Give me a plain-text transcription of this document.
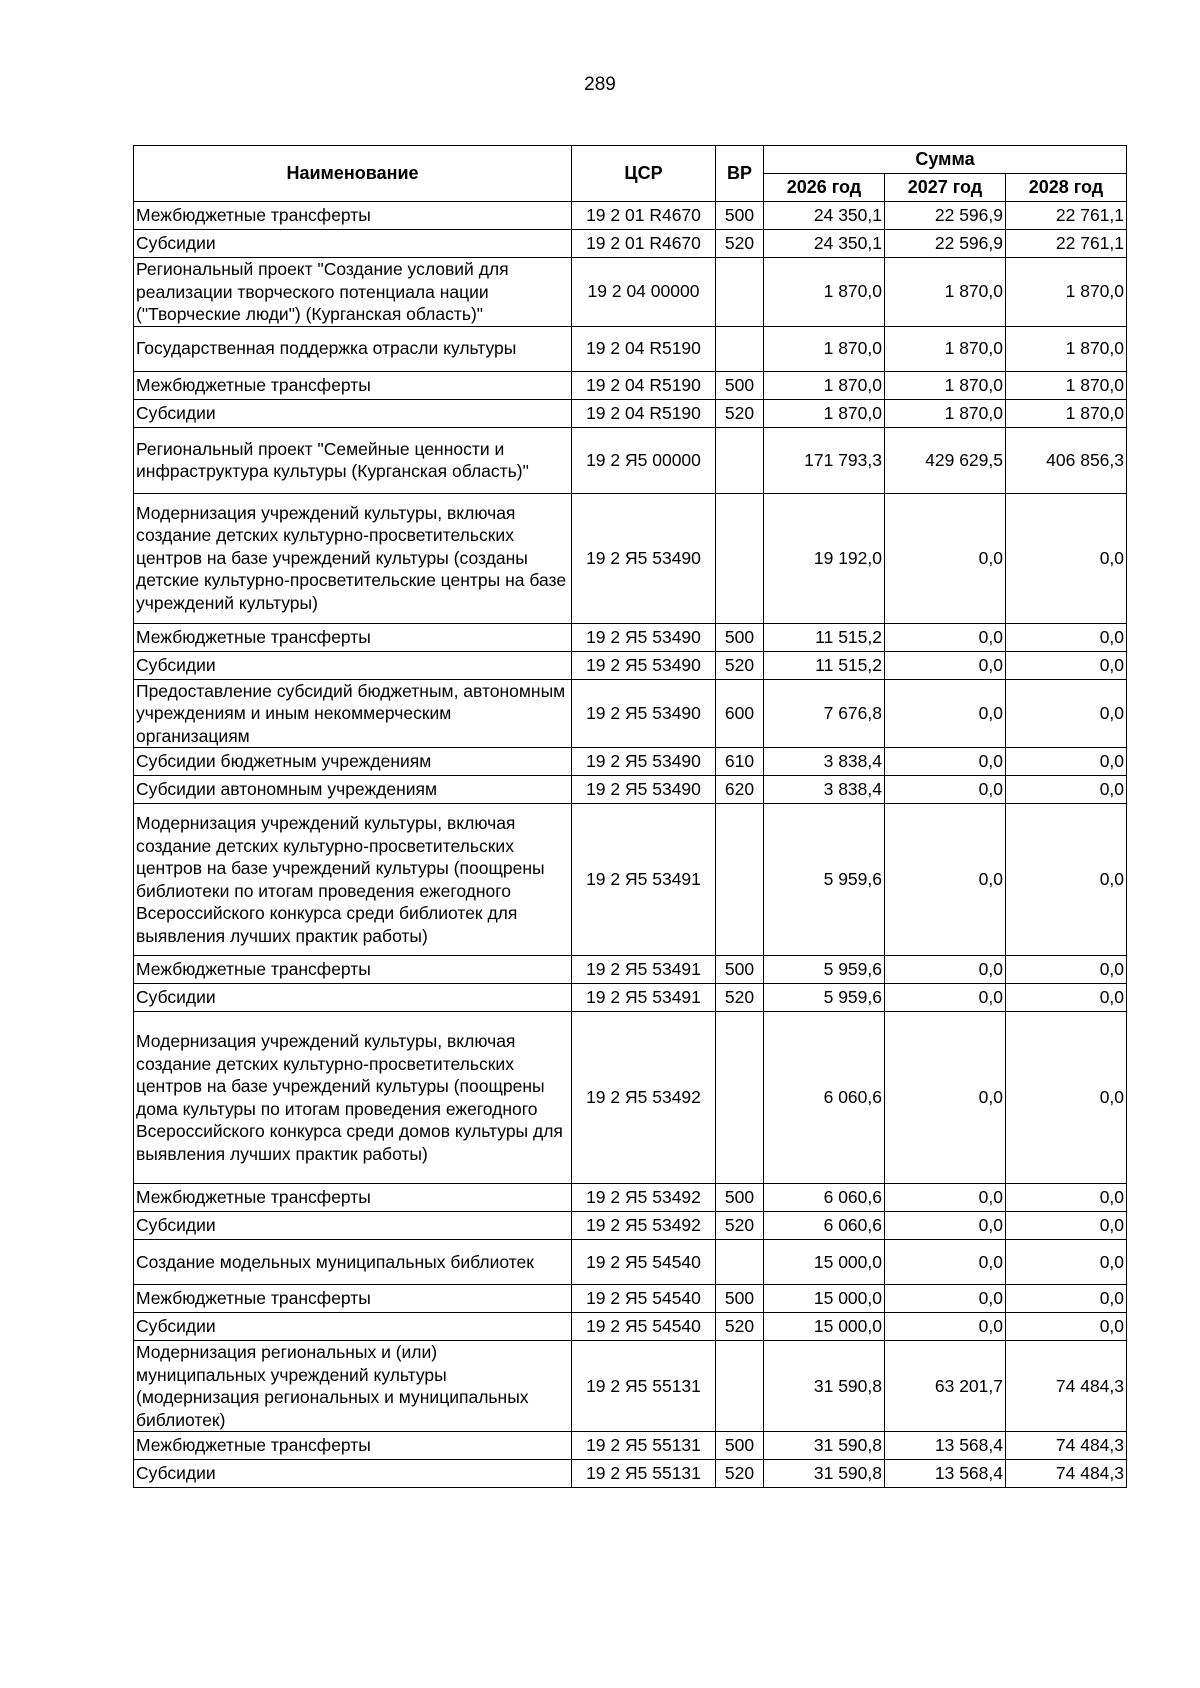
289
Наименование	ЦСР	ВР	Сумма		
			2026 год	2027 год	2028 год
Межбюджетные трансферты	19 2 01 R4670	500	24 350,1	22 596,9	22 761,1
Субсидии	19 2 01 R4670	520	24 350,1	22 596,9	22 761,1
Региональный проект "Создание условий для реализации творческого потенциала нации ("Творческие люди") (Курганская область)"	19 2 04 00000		1 870,0	1 870,0	1 870,0
Государственная поддержка отрасли культуры	19 2 04 R5190		1 870,0	1 870,0	1 870,0
Межбюджетные трансферты	19 2 04 R5190	500	1 870,0	1 870,0	1 870,0
Субсидии	19 2 04 R5190	520	1 870,0	1 870,0	1 870,0
Региональный проект "Семейные ценности и инфраструктура культуры (Курганская область)"	19 2 Я5 00000		171 793,3	429 629,5	406 856,3
Модернизация учреждений культуры, включая создание детских культурно-просветительских центров на базе учреждений культуры (созданы детские культурно-просветительские центры на базе учреждений культуры)	19 2 Я5 53490		19 192,0	0,0	0,0
Межбюджетные трансферты	19 2 Я5 53490	500	11 515,2	0,0	0,0
Субсидии	19 2 Я5 53490	520	11 515,2	0,0	0,0
Предоставление субсидий бюджетным, автономным учреждениям и иным некоммерческим организациям	19 2 Я5 53490	600	7 676,8	0,0	0,0
Субсидии бюджетным учреждениям	19 2 Я5 53490	610	3 838,4	0,0	0,0
Субсидии автономным учреждениям	19 2 Я5 53490	620	3 838,4	0,0	0,0
Модернизация учреждений культуры, включая создание детских культурно-просветительских центров на базе учреждений культуры (поощрены библиотеки по итогам проведения ежегодного Всероссийского конкурса среди библиотек для выявления лучших практик работы)	19 2 Я5 53491		5 959,6	0,0	0,0
Межбюджетные трансферты	19 2 Я5 53491	500	5 959,6	0,0	0,0
Субсидии	19 2 Я5 53491	520	5 959,6	0,0	0,0
Модернизация учреждений культуры, включая создание детских культурно-просветительских центров на базе учреждений культуры (поощрены дома культуры по итогам проведения ежегодного Всероссийского конкурса среди домов культуры для выявления лучших практик работы)	19 2 Я5 53492		6 060,6	0,0	0,0
Межбюджетные трансферты	19 2 Я5 53492	500	6 060,6	0,0	0,0
Субсидии	19 2 Я5 53492	520	6 060,6	0,0	0,0
Создание модельных муниципальных библиотек	19 2 Я5 54540		15 000,0	0,0	0,0
Межбюджетные трансферты	19 2 Я5 54540	500	15 000,0	0,0	0,0
Субсидии	19 2 Я5 54540	520	15 000,0	0,0	0,0
Модернизация региональных и (или) муниципальных учреждений культуры (модернизация региональных и муниципальных библиотек)	19 2 Я5 55131		31 590,8	63 201,7	74 484,3
Межбюджетные трансферты	19 2 Я5 55131	500	31 590,8	13 568,4	74 484,3
Субсидии	19 2 Я5 55131	520	31 590,8	13 568,4	74 484,3
